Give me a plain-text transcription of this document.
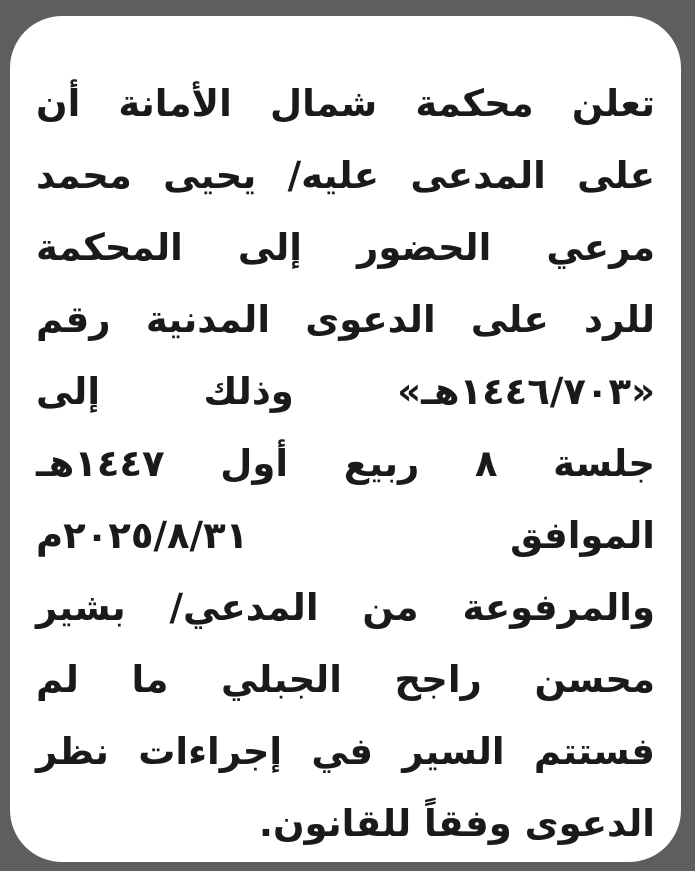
تعلن محكمة شمال الأمانة أن
على المدعى عليه/ يحيى محمد
مرعي الحضور إلى المحكمة
للرد على الدعوى المدنية رقم
«١٤٤٦/٧٠٣هـ» وذلك إلى
جلسة ٨ ربيع أول ١٤٤٧هـ
الموافق
٢٠٢٥/٨/٣١م
والمرفوعة من المدعي/ بشير
محسن راجح الجبلي ما لم
فستتم السير في إجراءات نظر
الدعوى وفقاً للقانون.
